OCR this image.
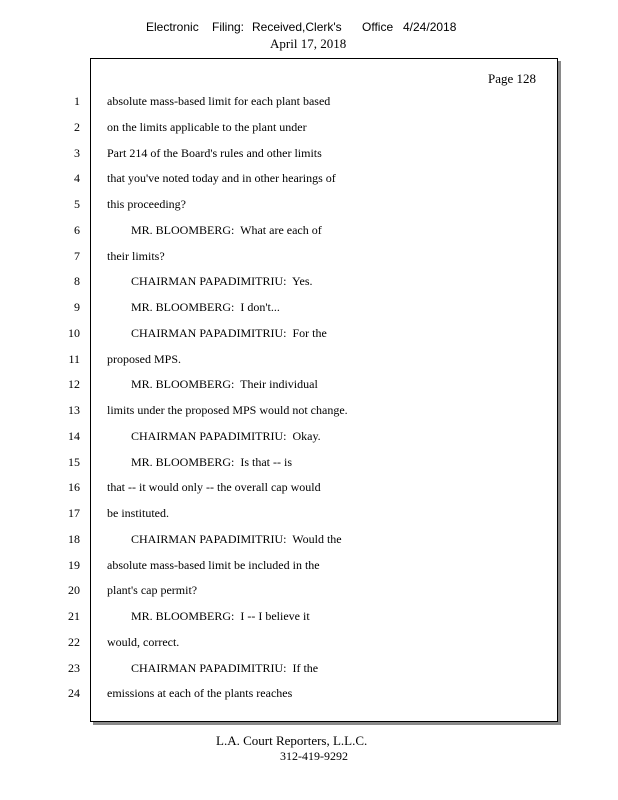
Electronic Filing: Received,Clerk's Office 4/24/2018
April 17, 2018
Page 128
1 absolute mass-based limit for each plant based
2 on the limits applicable to the plant under
3 Part 214 of the Board's rules and other limits
4 that you've noted today and in other hearings of
5 this proceeding?
6 MR. BLOOMBERG:  What are each of
7 their limits?
8 CHAIRMAN PAPADIMITRIU:  Yes.
9 MR. BLOOMBERG:  I don't...
10 CHAIRMAN PAPADIMITRIU:  For the
11 proposed MPS.
12 MR. BLOOMBERG:  Their individual
13 limits under the proposed MPS would not change.
14 CHAIRMAN PAPADIMITRIU:  Okay.
15 MR. BLOOMBERG:  Is that -- is
16 that -- it would only -- the overall cap would
17 be instituted.
18 CHAIRMAN PAPADIMITRIU:  Would the
19 absolute mass-based limit be included in the
20 plant's cap permit?
21 MR. BLOOMBERG:  I -- I believe it
22 would, correct.
23 CHAIRMAN PAPADIMITRIU:  If the
24 emissions at each of the plants reaches
L.A. Court Reporters, L.L.C.
312-419-9292
